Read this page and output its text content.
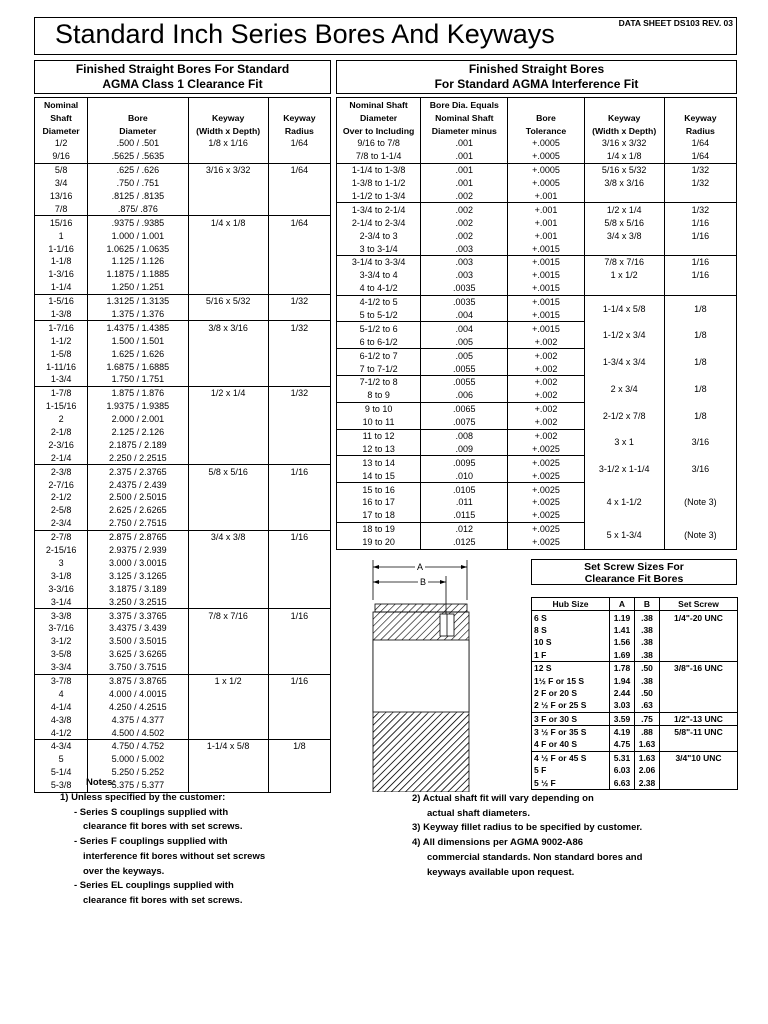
Standard Inch Series Bores And Keyways	DATA SHEET DS103 REV. 03
Finished Straight Bores For Standard
AGMA Class 1 Clearance Fit
Finished Straight Bores
For Standard AGMA Interference Fit
Nominal			
Shaft	Bore	Keyway	Keyway
Diameter	Diameter	(Width x Depth)	Radius
1/2	.500 / .501	1/8 x 1/16	1/64
9/16	.5625 / .5635		
5/8	.625 / .626	3/16 x 3/32	1/64
3/4	.750 / .751		
13/16	.8125 / .8135		
7/8	.875/ .876		
15/16	.9375 / .9385	1/4 x 1/8	1/64
1	1.000 / 1.001		
1-1/16	1.0625 / 1.0635		
1-1/8	1.125 / 1.126		
1-3/16	1.1875 / 1.1885		
1-1/4	1.250 / 1.251		
1-5/16	1.3125 / 1.3135	5/16 x 5/32	1/32
1-3/8	1.375 / 1.376		
1-7/16	1.4375 / 1.4385	3/8 x 3/16	1/32
1-1/2	1.500 / 1.501		
1-5/8	1.625 / 1.626		
1-11/16	1.6875 / 1.6885		
1-3/4	1.750 / 1.751		
1-7/8	1.875 / 1.876	1/2 x 1/4	1/32
1-15/16	1.9375 / 1.9385		
2	2.000 / 2.001		
2-1/8	2.125 / 2.126		
2-3/16	2.1875 / 2.189		
2-1/4	2.250 / 2.2515		
2-3/8	2.375 / 2.3765	5/8 x 5/16	1/16
2-7/16	2.4375 / 2.439		
2-1/2	2.500 / 2.5015		
2-5/8	2.625 / 2.6265		
2-3/4	2.750 / 2.7515		
2-7/8	2.875 / 2.8765	3/4 x 3/8	1/16
2-15/16	2.9375 / 2.939		
3	3.000 / 3.0015		
3-1/8	3.125 / 3.1265		
3-3/16	3.1875 / 3.189		
3-1/4	3.250 / 3.2515		
3-3/8	3.375 / 3.3765	7/8 x 7/16	1/16
3-7/16	3.4375 / 3.439		
3-1/2	3.500 / 3.5015		
3-5/8	3.625 / 3.6265		
3-3/4	3.750 / 3.7515		
3-7/8	3.875 / 3.8765	1 x 1/2	1/16
4	4.000 / 4.0015		
4-1/4	4.250 / 4.2515		
4-3/8	4.375 / 4.377		
4-1/2	4.500 / 4.502		
4-3/4	4.750 / 4.752	1-1/4 x 5/8	1/8
5	5.000 / 5.002		
5-1/4	5.250 / 5.252		
5-3/8	5.375 / 5.377		
Nominal Shaft	Bore Dia. Equals			
Diameter	Nominal Shaft	Bore	Keyway	Keyway
Over to Including	Diameter minus	Tolerance	(Width x Depth)	Radius
9/16 to 7/8	.001	+.0005	3/16 x 3/32	1/64
7/8 to 1-1/4	.001	+.0005	1/4 x 1/8	1/64
1-1/4 to 1-3/8	.001	+.0005	5/16 x 5/32	1/32
1-3/8 to 1-1/2	.001	+.0005	3/8 x 3/16	1/32
1-1/2 to 1-3/4	.002	+.001		
1-3/4 to 2-1/4	.002	+.001	1/2 x 1/4	1/32
2-1/4 to 2-3/4	.002	+.001	5/8 x 5/16	1/16
2-3/4 to 3	.002	+.001	3/4 x 3/8	1/16
3 to 3-1/4	.003	+.0015		
3-1/4 to 3-3/4	.003	+.0015	7/8 x 7/16	1/16
3-3/4 to 4	.003	+.0015	1 x 1/2	1/16
4 to 4-1/2	.0035	+.0015		
4-1/2 to 5	.0035	+.0015	1-1/4 x 5/8	1/8
5 to 5-1/2	.004	+.0015		
5-1/2 to 6	.004	+.0015	1-1/2 x 3/4	1/8
6 to 6-1/2	.005	+.002		
6-1/2 to 7	.005	+.002	1-3/4 x 3/4	1/8
7 to 7-1/2	.0055	+.002		
7-1/2 to 8	.0055	+.002	2 x 3/4	1/8
8 to 9	.006	+.002		
9 to 10	.0065	+.002	2-1/2 x 7/8	1/8
10 to 11	.0075	+.002		
11 to 12	.008	+.002	3 x 1	3/16
12 to 13	.009	+.0025		
13 to 14	.0095	+.0025	3-1/2 x 1-1/4	3/16
14 to 15	.010	+.0025		
15 to 16	.0105	+.0025	4 x 1-1/2	(Note 3)
16 to 17	.011	+.0025		
17 to 18	.0115	+.0025		
18 to 19	.012	+.0025	5 x 1-3/4	(Note 3)
19 to 20	.0125	+.0025		
A
B
Set Screw Sizes For
Clearance Fit Bores
Hub Size	A	B	Set Screw
6 S	1.19	.38	1/4"-20 UNC
8 S	1.41	.38	
10 S	1.56	.38	
1 F	1.69	.38	
12 S	1.78	.50	3/8"-16 UNC
1½ F or 15 S	1.94	.38	
2 F or 20 S	2.44	.50	
2 ½ F or 25 S	3.03	.63	
3 F or 30 S	3.59	.75	1/2"-13 UNC
3 ½ F or 35 S	4.19	.88	5/8"-11 UNC
4 F or 40 S	4.75	1.63	
4 ½ F or 45 S	5.31	1.63	3/4"10 UNC
5 F	6.03	2.06	
5 ½ F	6.63	2.38	
Notes:
1) Unless specified by the customer:
- Series S couplings supplied with
clearance fit bores with set screws.
- Series F couplings supplied with
interference fit bores without set screws
over the keyways.
- Series EL couplings supplied with
clearance fit bores with set screws.
2) Actual shaft fit will vary depending on
actual shaft diameters.
3) Keyway fillet radius to be specified by customer.
4) All dimensions per AGMA 9002-A86
commercial standards. Non standard bores and
keyways available upon request.
